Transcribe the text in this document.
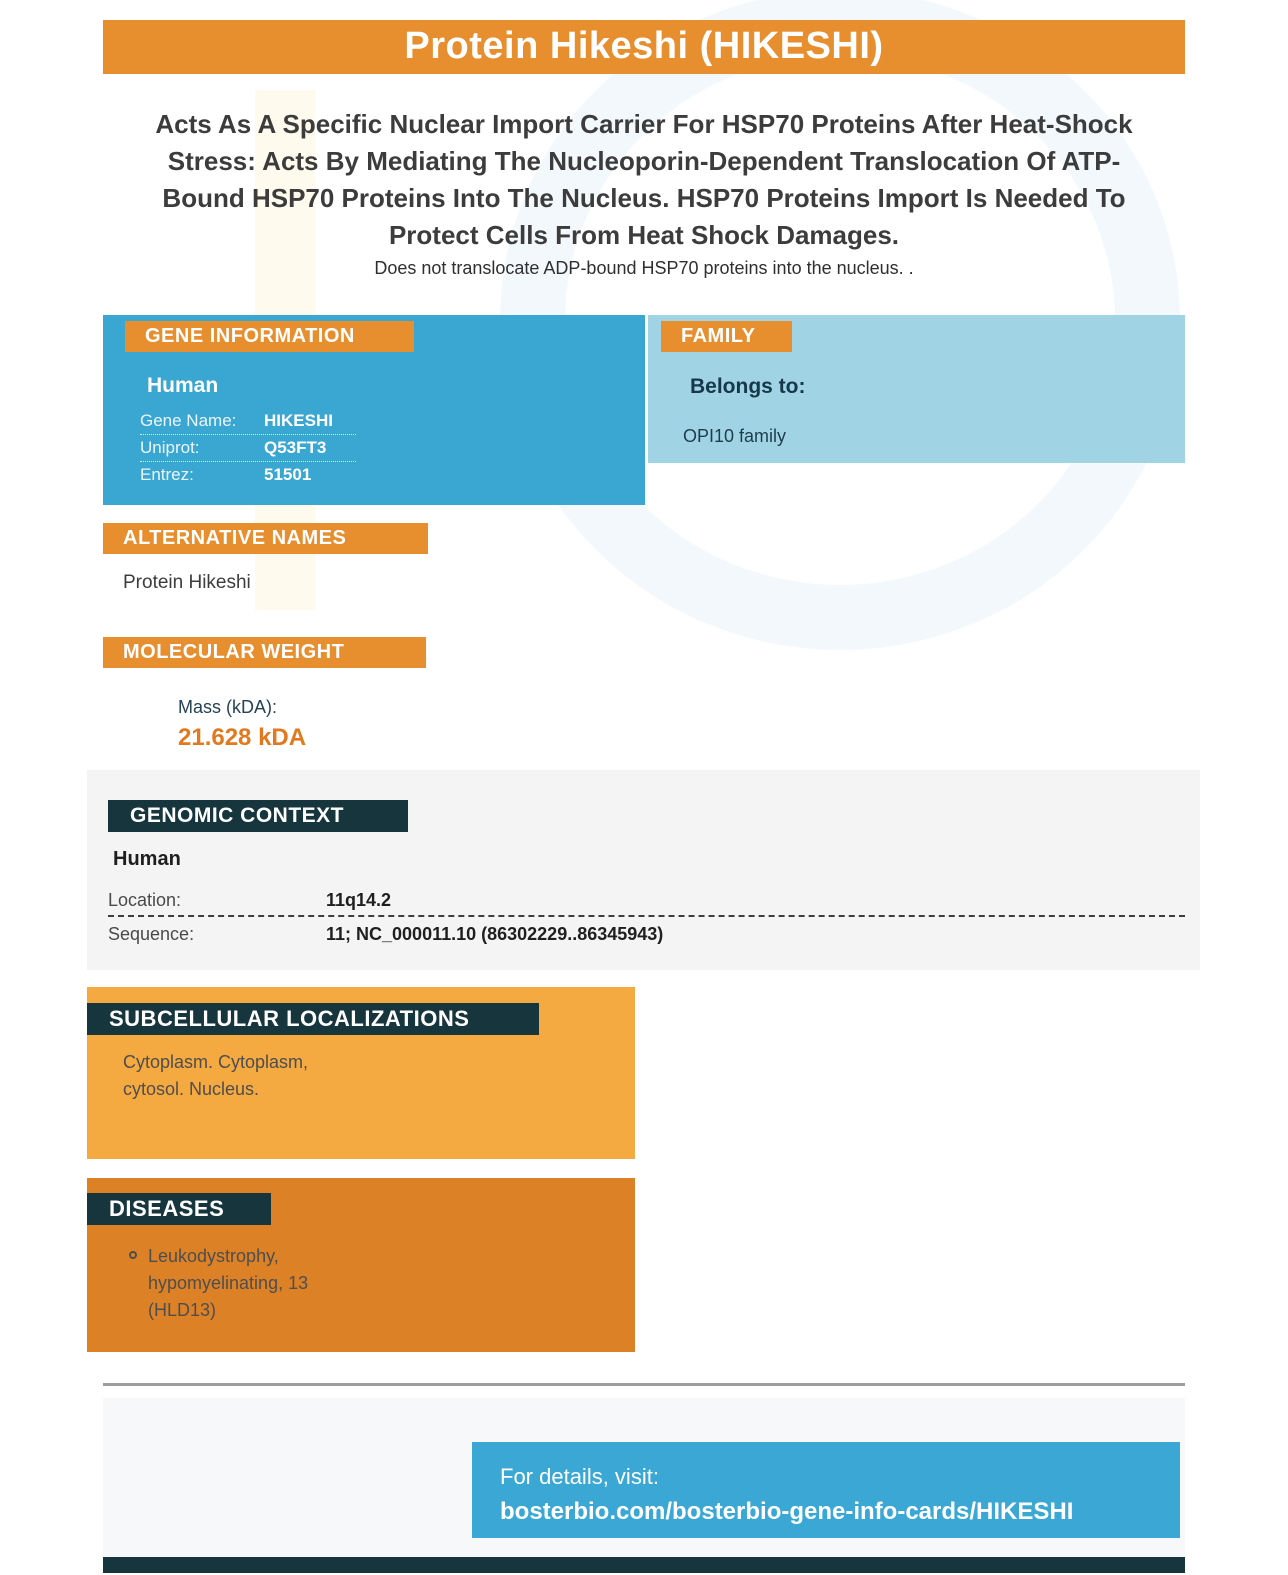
Protein Hikeshi (HIKESHI)
Acts As A Specific Nuclear Import Carrier For HSP70 Proteins After Heat-Shock Stress: Acts By Mediating The Nucleoporin-Dependent Translocation Of ATP-Bound HSP70 Proteins Into The Nucleus. HSP70 Proteins Import Is Needed To Protect Cells From Heat Shock Damages.
Does not translocate ADP-bound HSP70 proteins into the nucleus. .
GENE INFORMATION
Human
Gene Name: HIKESHI
Uniprot:	Q53FT3
Entrez:	51501
FAMILY
Belongs to:
OPI10 family
ALTERNATIVE NAMES
Protein Hikeshi
MOLECULAR WEIGHT
Mass (kDA):
21.628 kDA
GENOMIC CONTEXT
Human
Location:	11q14.2
Sequence:	11; NC_000011.10 (86302229..86345943)
SUBCELLULAR LOCALIZATIONS
Cytoplasm. Cytoplasm, cytosol. Nucleus.
DISEASES
Leukodystrophy, hypomyelinating, 13 (HLD13)
For details, visit:
bosterbio.com/bosterbio-gene-info-cards/HIKESHI
